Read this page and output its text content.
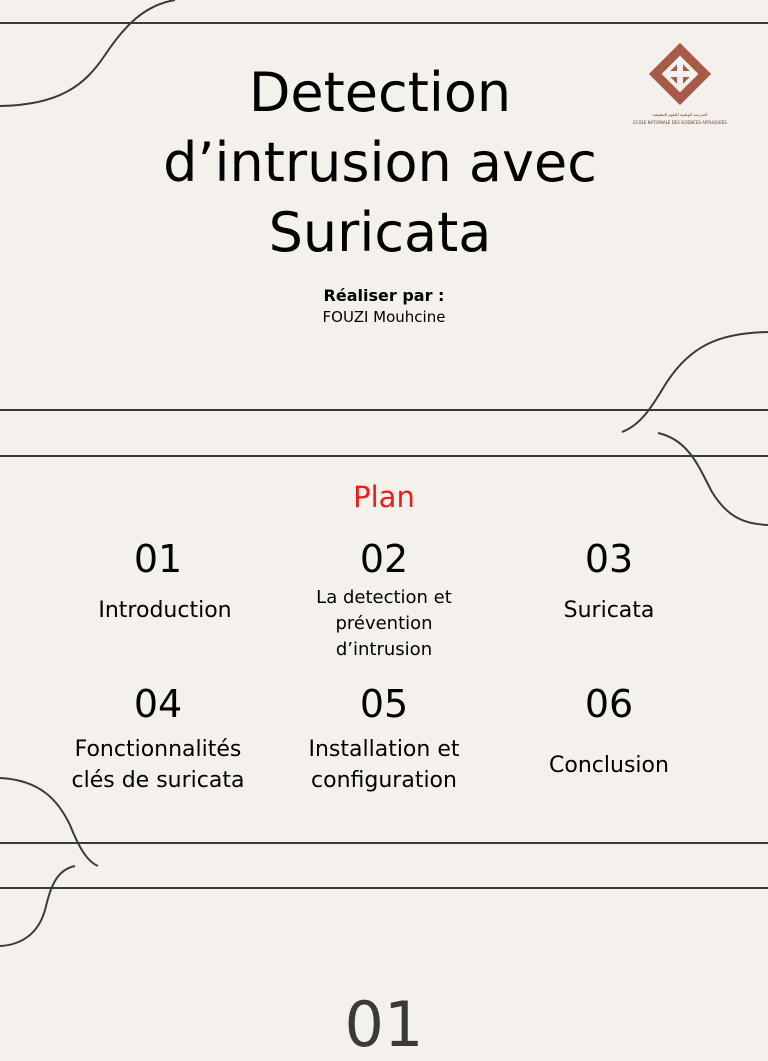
Detection d’intrusion avec Suricata
المدرسة الوطنية للعلوم التطبيقية
ECOLE NATIONALE DES SCIENCES APPLIQUEES
Réaliser par :
FOUZI Mouhcine
Plan
01
Introduction
02
La detection et prévention d’intrusion
03
Suricata
04
Fonctionnalités clés de suricata
05
Installation et configuration
06
Conclusion
01
